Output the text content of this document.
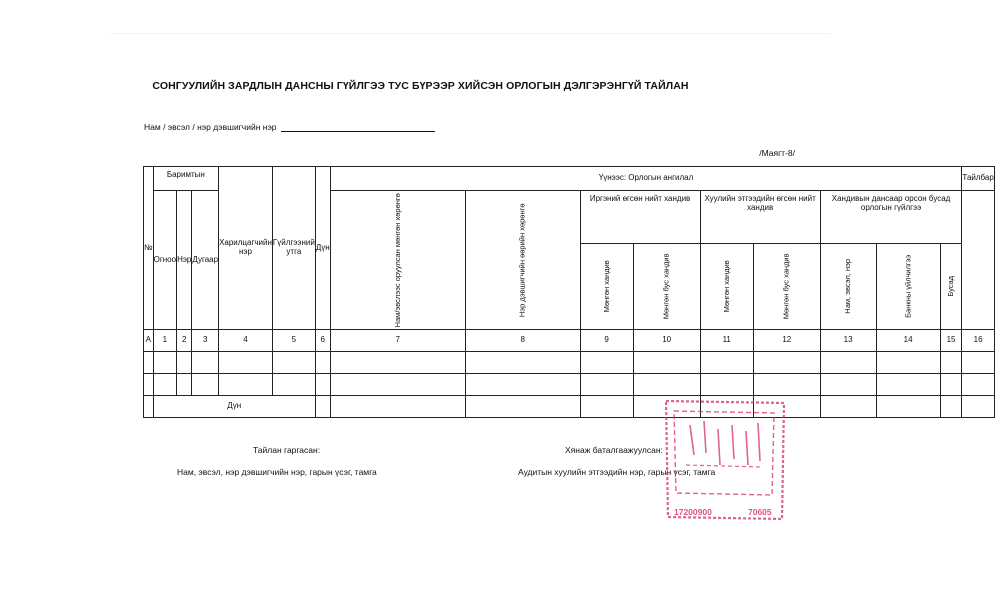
СОНГУУЛИЙН ЗАРДЛЫН ДАНСНЫ ГҮЙЛГЭЭ ТУС БҮРЭЭР ХИЙСЭН ОРЛОГЫН ДЭЛГЭРЭНГҮЙ ТАЙЛАН
Нам / эвсэл / нэр дэвшигчийн нэр
/Маягт-8/
№	Баримтын			Харилцагчийн нэр	Гүйлгээний утга	Дүн	Үүнээс: Орлогын ангилал									Тайлбар
	Огноо	Нэр	Дугаар				Нам/эвслээс оруулсан мөнгөн хөрөнгө	Нэр дэвшигчийн өөрийн хөрөнгө	Иргэний өгсөн нийт хандив		Хуулийн этгээдийн өгсөн нийт хандив		Хандивын дансаар орсон бусад орлогын гүйлгээ			

									Мөнгөн хандив	Мөнгөн бус хандив	Мөнгөн хандив	Мөнгөн бус хандив	Нам, эвсэл, нэр	Банкны үйлчилгээ	Бусад	
А	1	2	3	4	5	6	7	8	9	10	11	12	13	14	15	16

	Дүн															
Тайлан гаргасан:
Нам, эвсэл, нэр дэвшигчийн нэр, гарын үсэг, тамга
Хянаж баталгаажуулсан:
Аудитын хуулийн этгээдийн нэр, гарын үсэг, тамга
17200900	70605
